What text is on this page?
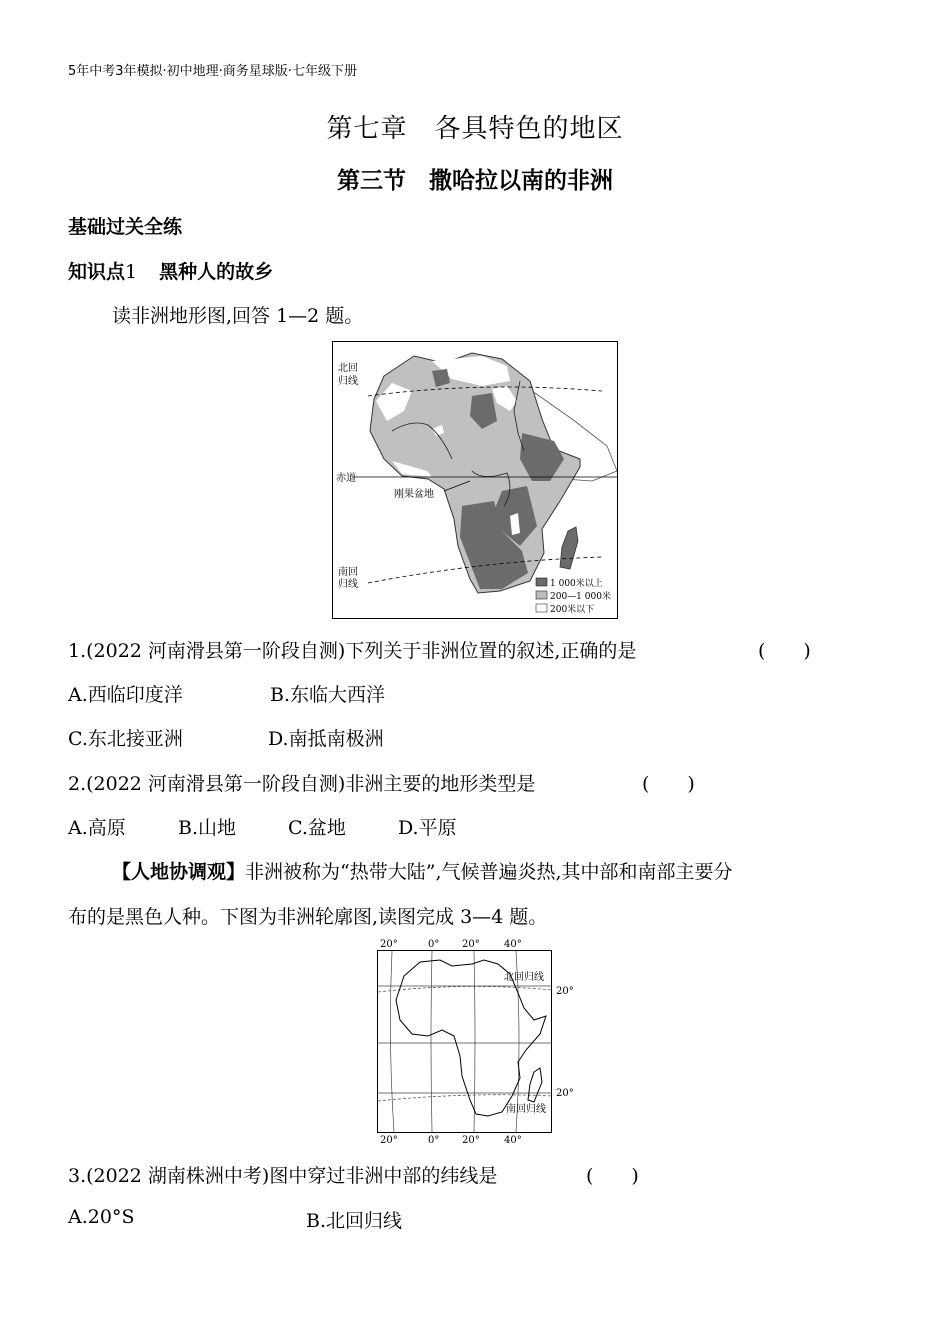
5年中考3年模拟·初中地理·商务星球版·七年级下册
第七章　各具特色的地区
第三节　撒哈拉以南的非洲
基础过关全练
知识点1 黑种人的故乡
读非洲地形图,回答 1—2 题。
北回
归线
赤道
刚果盆地
南回
归线	1 000米以上
200—1 000米
200米以下
1.(2022 河南滑县第一阶段自测)下列关于非洲位置的叙述,正确的是	(　　)
A.西临印度洋	B.东临大西洋
C.东北接亚洲	D.南抵南极洲
2.(2022 河南滑县第一阶段自测)非洲主要的地形类型是	(　　)
A.高原	B.山地	C.盆地	D.平原
【人地协调观】非洲被称为“热带大陆”,气候普遍炎热,其中部和南部主要分
布的是黑色人种。下图为非洲轮廓图,读图完成 3—4 题。
20°	0° 20° 40°
北回归线
20°
20°
南回归线
20°	0° 20° 40°
3.(2022 湖南株洲中考)图中穿过非洲中部的纬线是	(　　)
A.20°S	B.北回归线
